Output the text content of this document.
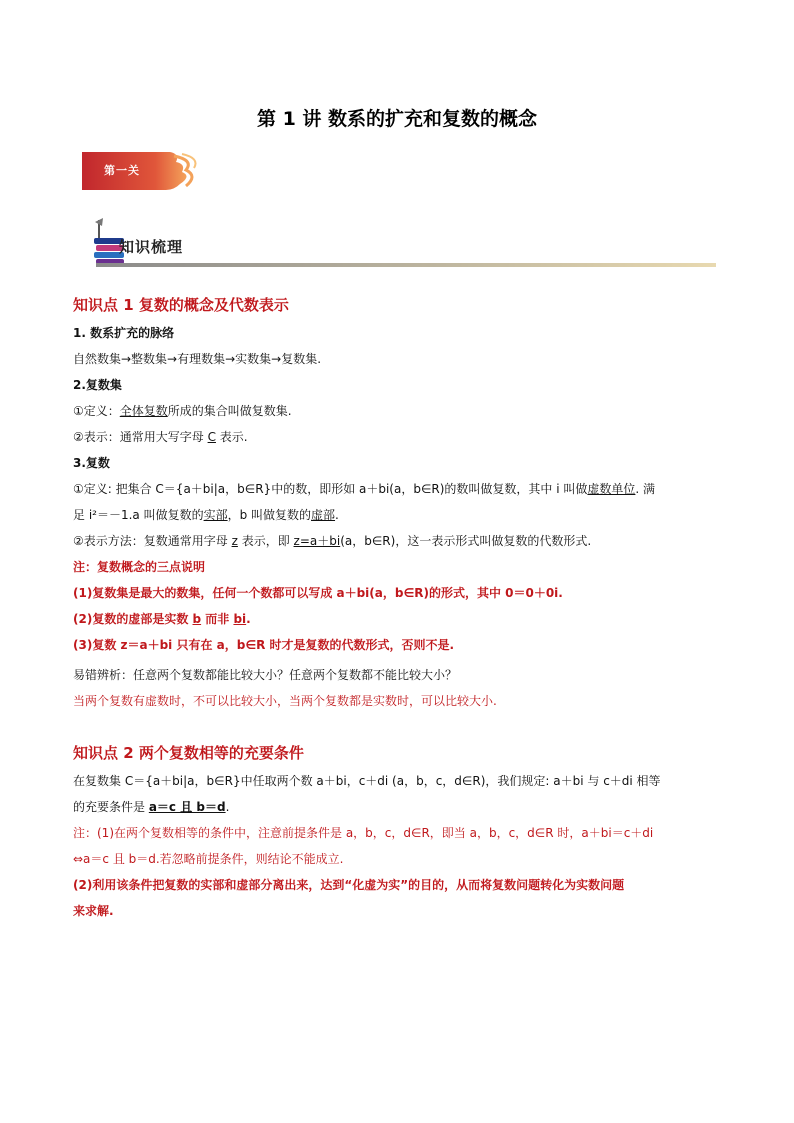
第 1 讲 数系的扩充和复数的概念
第一关
知识梳理

知识点 1 复数的概念及代数表示

1. 数系扩充的脉络

自然数集→整数集→有理数集→实数集→复数集.

2.复数集

①定义：全体复数所成的集合叫做复数集.

②表示：通常用大写字母 C 表示.

3.复数

①定义: 把集合 C＝{a＋bi|a，b∈R}中的数，即形如 a＋bi(a，b∈R)的数叫做复数，其中 i 叫做虚数单位. 满

足 i²＝－1.a 叫做复数的实部，b 叫做复数的虚部.

②表示方法：复数通常用字母 z 表示，即 z=a＋bi(a，b∈R)，这一表示形式叫做复数的代数形式.

注：复数概念的三点说明

(1)复数集是最大的数集，任何一个数都可以写成 a＋bi(a，b∈R)的形式，其中 0＝0＋0i.

(2)复数的虚部是实数 b 而非 bi.

(3)复数 z＝a＋bi 只有在 a，b∈R 时才是复数的代数形式，否则不是.

易错辨析：任意两个复数都能比较大小？任意两个复数都不能比较大小？

当两个复数有虚数时，不可以比较大小，当两个复数都是实数时，可以比较大小.

知识点 2 两个复数相等的充要条件

在复数集 C＝{a＋bi|a，b∈R}中任取两个数 a＋bi，c＋di (a，b，c，d∈R)，我们规定: a＋bi 与 c＋di 相等

的充要条件是 a＝c 且 b＝d.

注：(1)在两个复数相等的条件中，注意前提条件是 a，b，c，d∈R，即当 a，b，c，d∈R 时，a＋bi＝c＋di

⇔a＝c 且 b＝d.若忽略前提条件，则结论不能成立.

(2)利用该条件把复数的实部和虚部分离出来，达到“化虚为实”的目的，从而将复数问题转化为实数问题

来求解.
